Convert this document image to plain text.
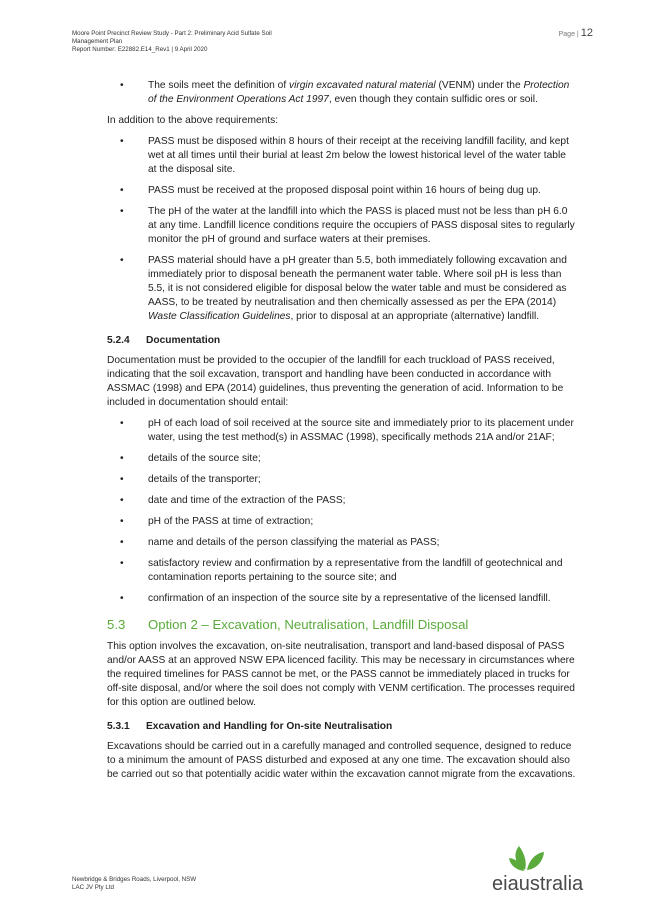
Moore Point Precinct Review Study - Part 2: Preliminary Acid Sulfate Soil
Management Plan
Report Number: E22882.E14_Rev1 | 9 April 2020
Page | 12
• The soils meet the definition of virgin excavated natural material (VENM) under the Protection of the Environment Operations Act 1997, even though they contain sulfidic ores or soil.

In addition to the above requirements:

• PASS must be disposed within 8 hours of their receipt at the receiving landfill facility, and kept wet at all times until their burial at least 2m below the lowest historical level of the water table at the disposal site.
• PASS must be received at the proposed disposal point within 16 hours of being dug up.
• The pH of the water at the landfill into which the PASS is placed must not be less than pH 6.0 at any time. Landfill licence conditions require the occupiers of PASS disposal sites to regularly monitor the pH of ground and surface waters at their premises.
• PASS material should have a pH greater than 5.5, both immediately following excavation and immediately prior to disposal beneath the permanent water table. Where soil pH is less than 5.5, it is not considered eligible for disposal below the water table and must be considered as AASS, to be treated by neutralisation and then chemically assessed as per the EPA (2014) Waste Classification Guidelines, prior to disposal at an appropriate (alternative) landfill.
5.2.4 Documentation

Documentation must be provided to the occupier of the landfill for each truckload of PASS received, indicating that the soil excavation, transport and handling have been conducted in accordance with ASSMAC (1998) and EPA (2014) guidelines, thus preventing the generation of acid. Information to be included in documentation should entail:

• pH of each load of soil received at the source site and immediately prior to its placement under water, using the test method(s) in ASSMAC (1998), specifically methods 21A and/or 21AF;
• details of the source site;
• details of the transporter;
• date and time of the extraction of the PASS;
• pH of the PASS at time of extraction;
• name and details of the person classifying the material as PASS;
• satisfactory review and confirmation by a representative from the landfill of geotechnical and contamination reports pertaining to the source site; and
• confirmation of an inspection of the source site by a representative of the licensed landfill.
5.3 Option 2 – Excavation, Neutralisation, Landfill Disposal

This option involves the excavation, on-site neutralisation, transport and land-based disposal of PASS and/or AASS at an approved NSW EPA licenced facility. This may be necessary in circumstances where the required timelines for PASS cannot be met, or the PASS cannot be immediately placed in trucks for off-site disposal, and/or where the soil does not comply with VENM certification. The processes required for this option are outlined below.

5.3.1 Excavation and Handling for On-site Neutralisation

Excavations should be carried out in a carefully managed and controlled sequence, designed to reduce to a minimum the amount of PASS disturbed and exposed at any one time. The excavation should also be carried out so that potentially acidic water within the excavation cannot migrate from the excavations.

Newbridge & Bridges Roads, Liverpool, NSW
LAC JV Pty Ltd	eiaustralia
